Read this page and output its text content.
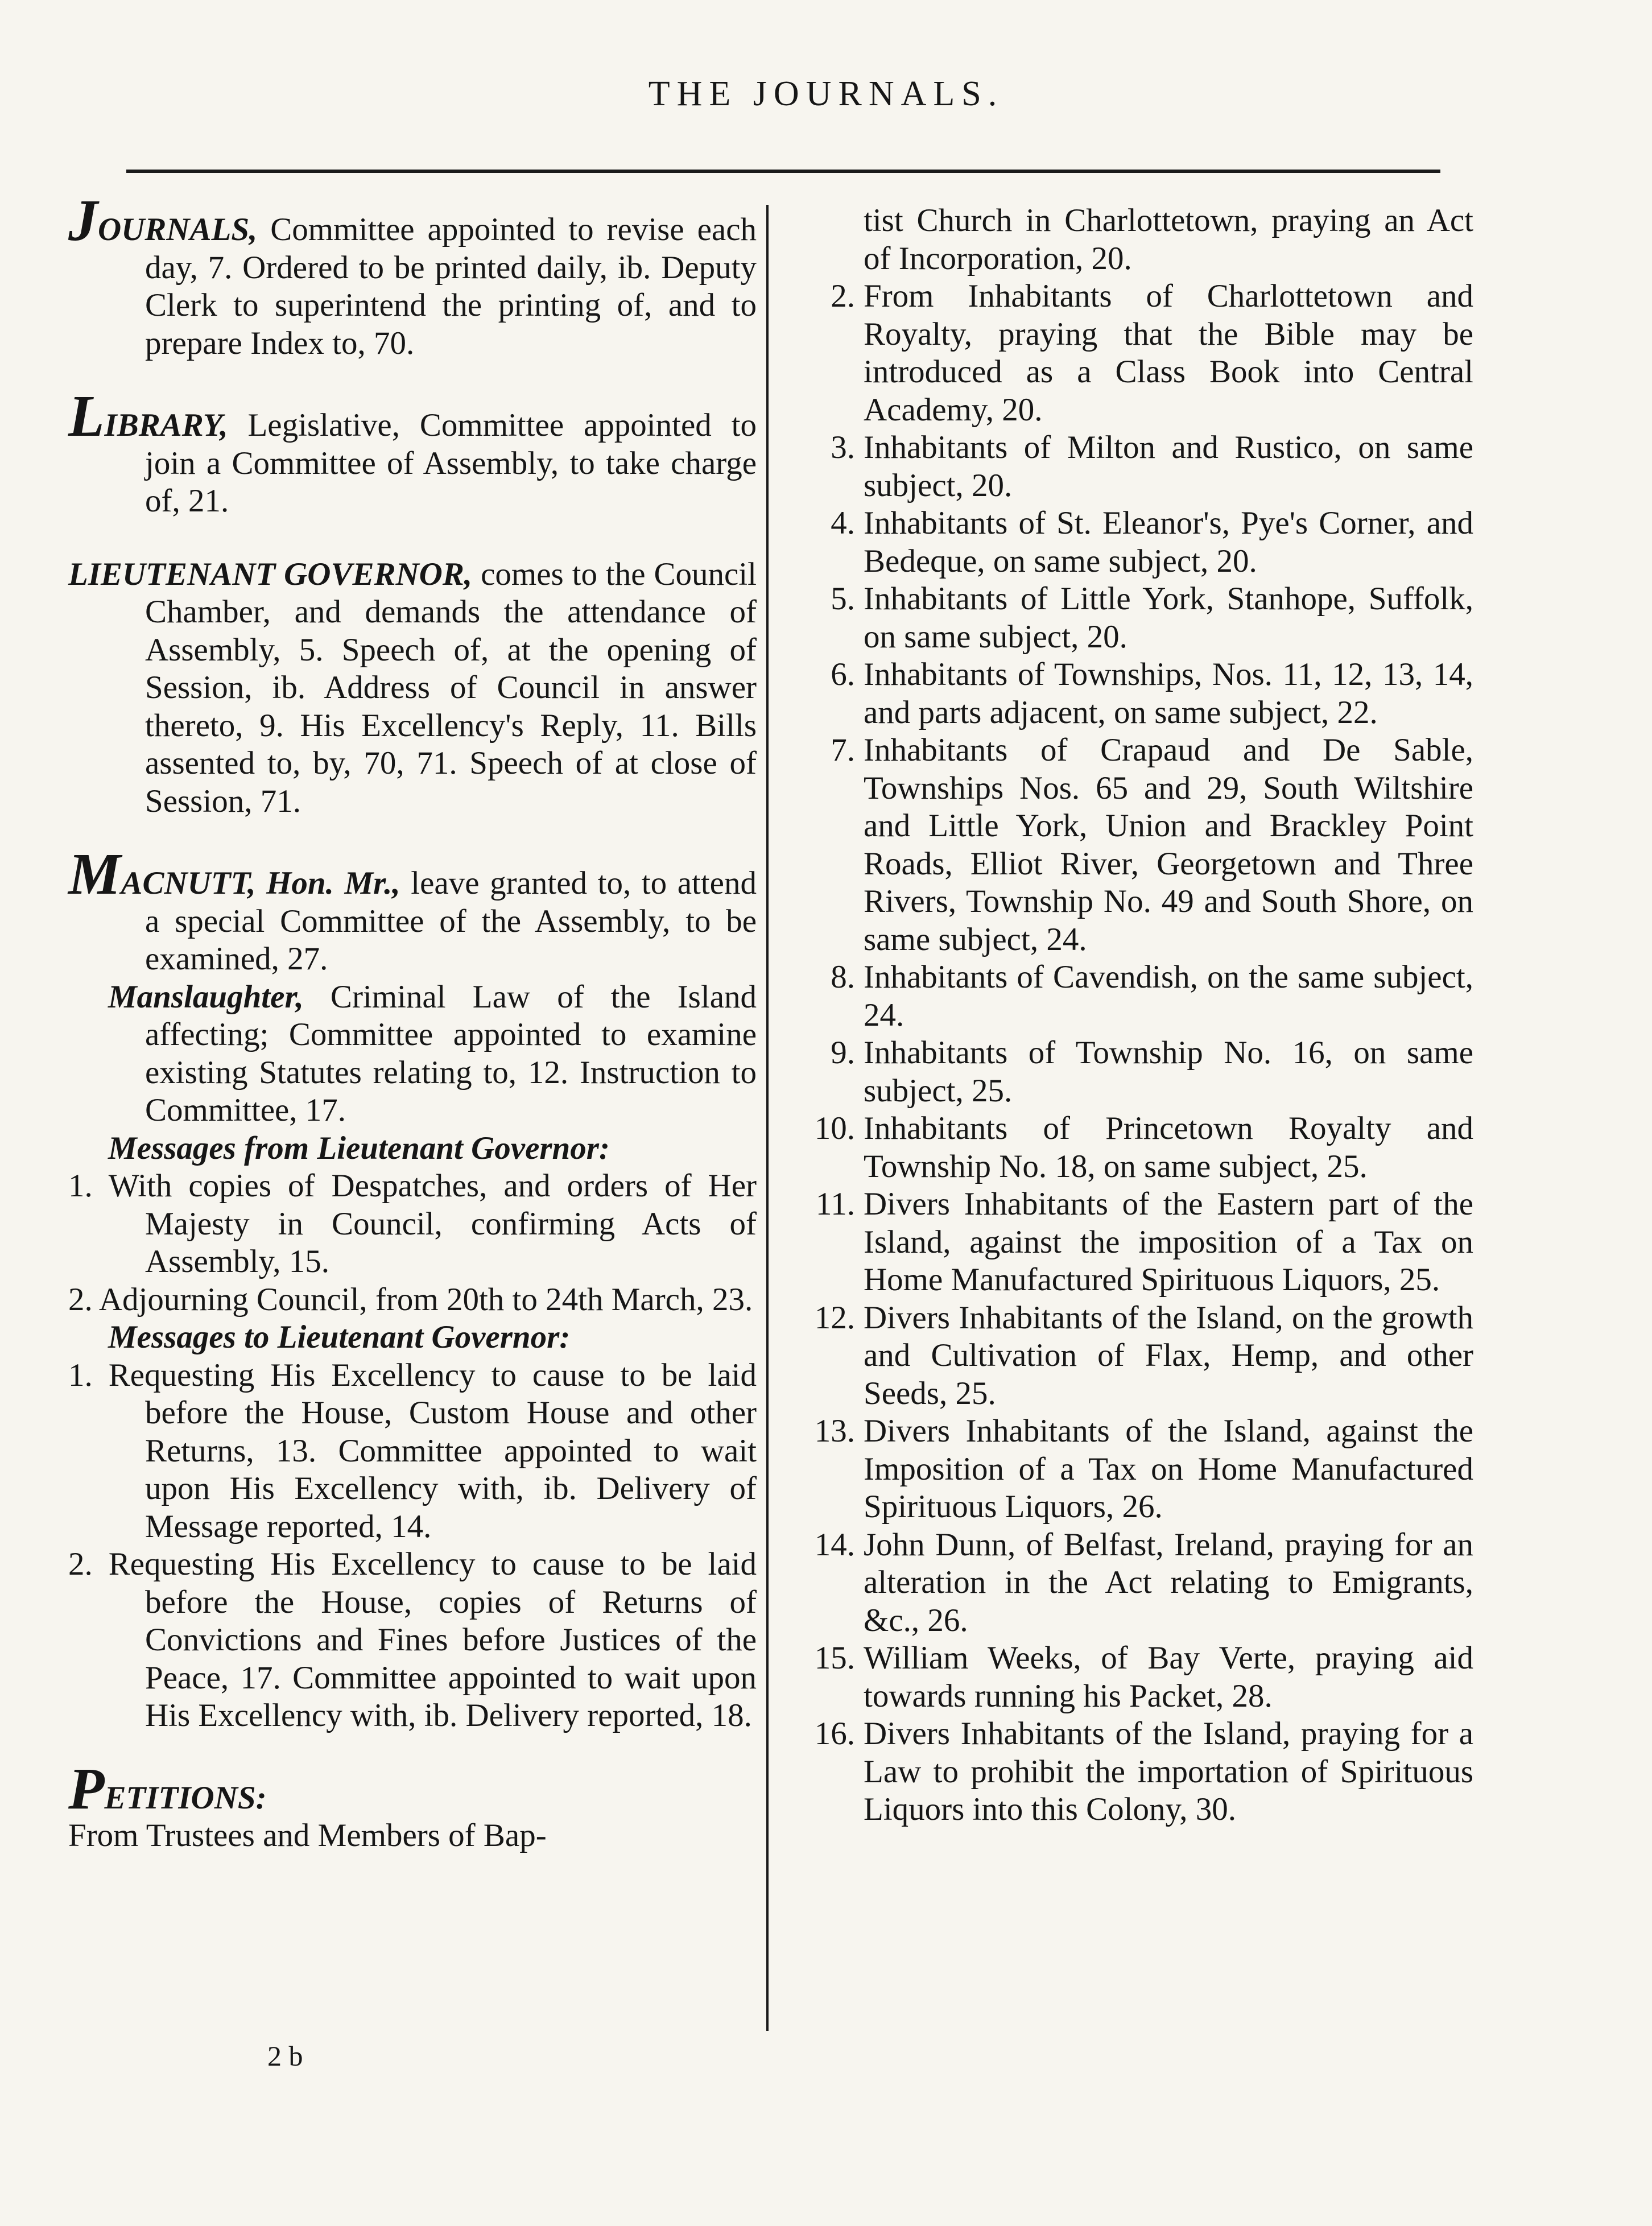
THE JOURNALS.

JOURNALS, Committee appointed to revise each day, 7. Ordered to be printed daily, ib. Deputy Clerk to superintend the printing of, and to prepare Index to, 70.

LIBRARY, Legislative, Committee appointed to join a Committee of Assembly, to take charge of, 21.

LIEUTENANT GOVERNOR, comes to the Council Chamber, and demands the attendance of Assembly, 5. Speech of, at the opening of Session, ib. Address of Council in answer thereto, 9. His Excellency's Reply, 11. Bills assented to, by, 70, 71. Speech of at close of Session, 71.

MACNUTT, Hon. Mr., leave granted to, to attend a special Committee of the Assembly, to be examined, 27.

Manslaughter, Criminal Law of the Island affecting; Committee appointed to examine existing Statutes relating to, 12. Instruction to Committee, 17.

Messages from Lieutenant Governor:

1. With copies of Despatches, and orders of Her Majesty in Council, confirming Acts of Assembly, 15.

2. Adjourning Council, from 20th to 24th March, 23.

Messages to Lieutenant Governor:

1. Requesting His Excellency to cause to be laid before the House, Custom House and other Returns, 13. Committee appointed to wait upon His Excellency with, ib. Delivery of Message reported, 14.

2. Requesting His Excellency to cause to be laid before the House, copies of Returns of Convictions and Fines before Justices of the Peace, 17. Committee appointed to wait upon His Excellency with, ib. Delivery reported, 18.

PETITIONS:

From Trustees and Members of Bap-

2 b

tist Church in Charlottetown, praying an Act of Incorporation, 20.

2. From Inhabitants of Charlottetown and Royalty, praying that the Bible may be introduced as a Class Book into Central Academy, 20.

3. Inhabitants of Milton and Rustico, on same subject, 20.

4. Inhabitants of St. Eleanor's, Pye's Corner, and Bedeque, on same subject, 20.

5. Inhabitants of Little York, Stanhope, Suffolk, on same subject, 20.

6. Inhabitants of Townships, Nos. 11, 12, 13, 14, and parts adjacent, on same subject, 22.

7. Inhabitants of Crapaud and De Sable, Townships Nos. 65 and 29, South Wiltshire and Little York, Union and Brackley Point Roads, Elliot River, Georgetown and Three Rivers, Township No. 49 and South Shore, on same subject, 24.

8. Inhabitants of Cavendish, on the same subject, 24.

9. Inhabitants of Township No. 16, on same subject, 25.

10. Inhabitants of Princetown Royalty and Township No. 18, on same subject, 25.

11. Divers Inhabitants of the Eastern part of the Island, against the imposition of a Tax on Home Manufactured Spirituous Liquors, 25.

12. Divers Inhabitants of the Island, on the growth and Cultivation of Flax, Hemp, and other Seeds, 25.

13. Divers Inhabitants of the Island, against the Imposition of a Tax on Home Manufactured Spirituous Liquors, 26.

14. John Dunn, of Belfast, Ireland, praying for an alteration in the Act relating to Emigrants, &c., 26.

15. William Weeks, of Bay Verte, praying aid towards running his Packet, 28.

16. Divers Inhabitants of the Island, praying for a Law to prohibit the importation of Spirituous Liquors into this Colony, 30.
